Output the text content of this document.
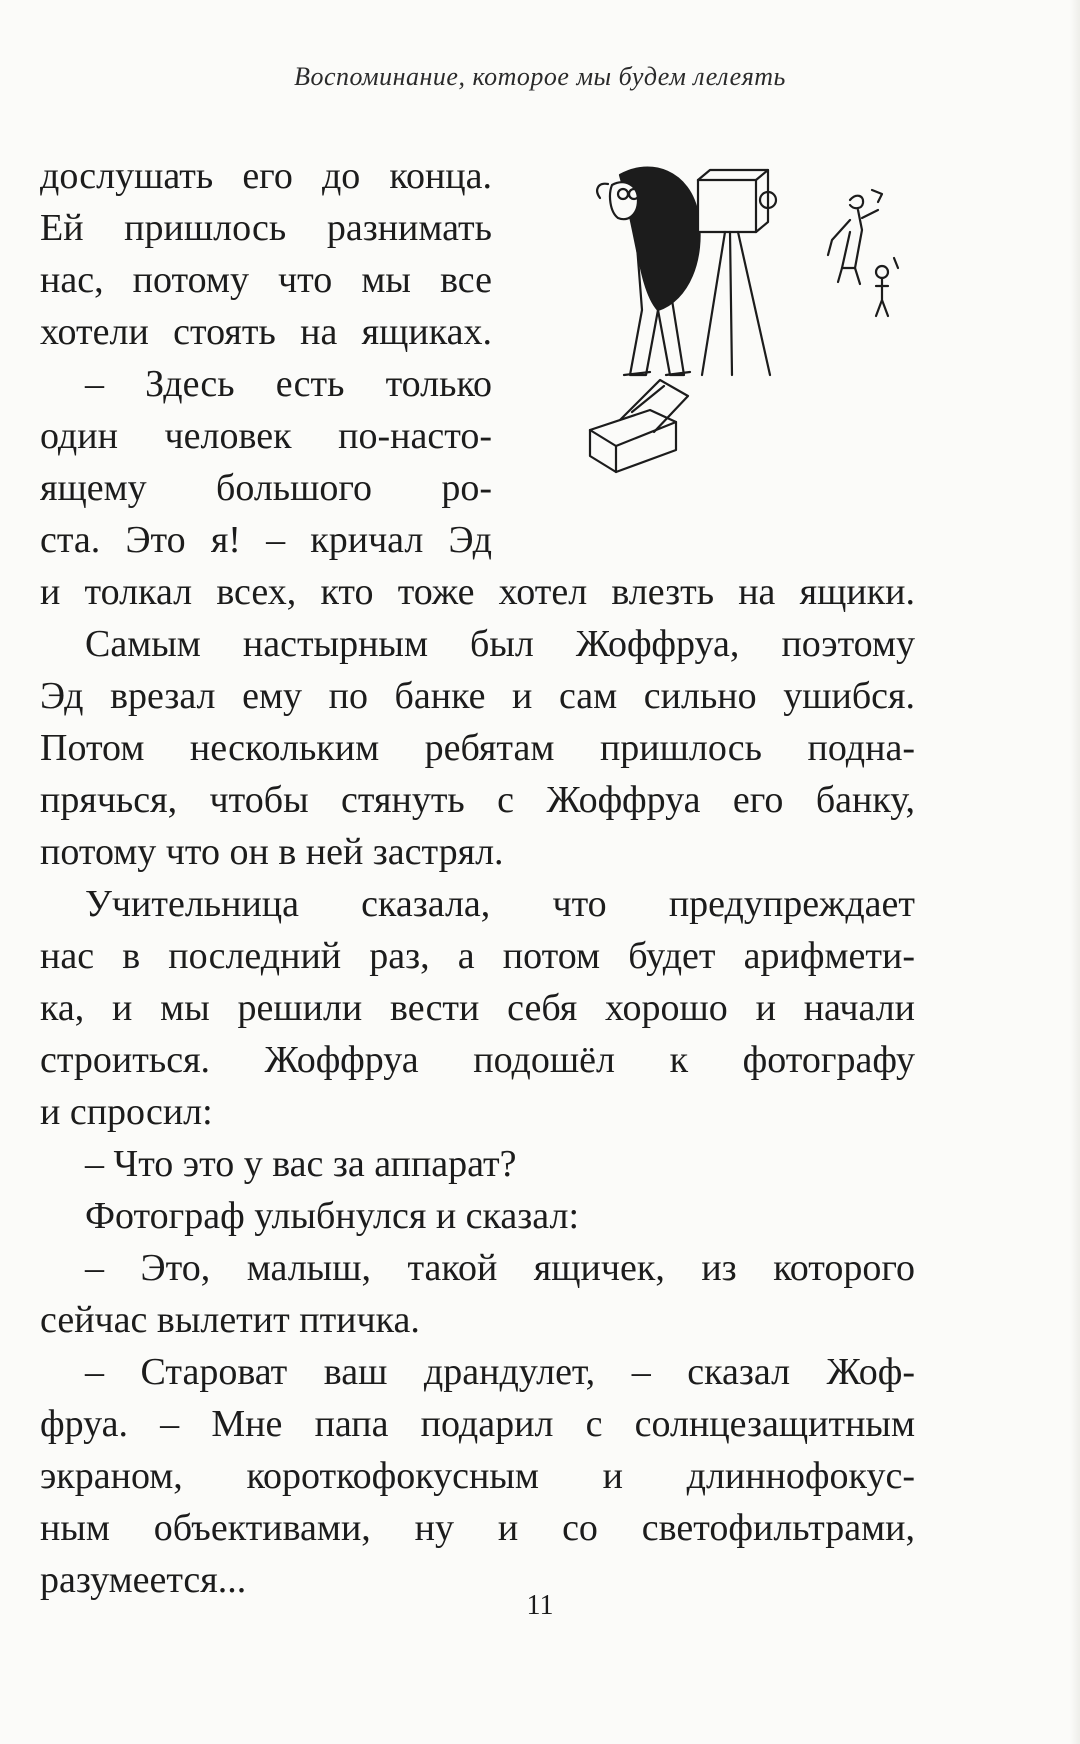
Воспоминание, которое мы будем лелеять
дослушать его до конца.
Ей пришлось разнимать
нас, потому что мы все
хотели стоять на ящиках.
– Здесь есть только
один человек по-насто-
ящему большого ро-
ста. Это я! – кричал Эд
и толкал всех, кто тоже хотел влезть на ящики.
Самым настырным был Жоффруа, поэтому
Эд врезал ему по банке и сам сильно ушибся.
Потом нескольким ребятам пришлось подна-
прячься, чтобы стянуть с Жоффруа его банку,
потому что он в ней застрял.
Учительница сказала, что предупреждает
нас в последний раз, а потом будет арифмети-
ка, и мы решили вести себя хорошо и начали
строиться. Жоффруа подошёл к фотографу
и спросил:
– Что это у вас за аппарат?
Фотограф улыбнулся и сказал:
– Это, малыш, такой ящичек, из которого
сейчас вылетит птичка.
– Староват ваш драндулет, – сказал Жоф-
фруа. – Мне папа подарил с солнцезащитным
экраном, короткофокусным и длиннофокус-
ным объективами, ну и со светофильтрами,
разумеется...
11
